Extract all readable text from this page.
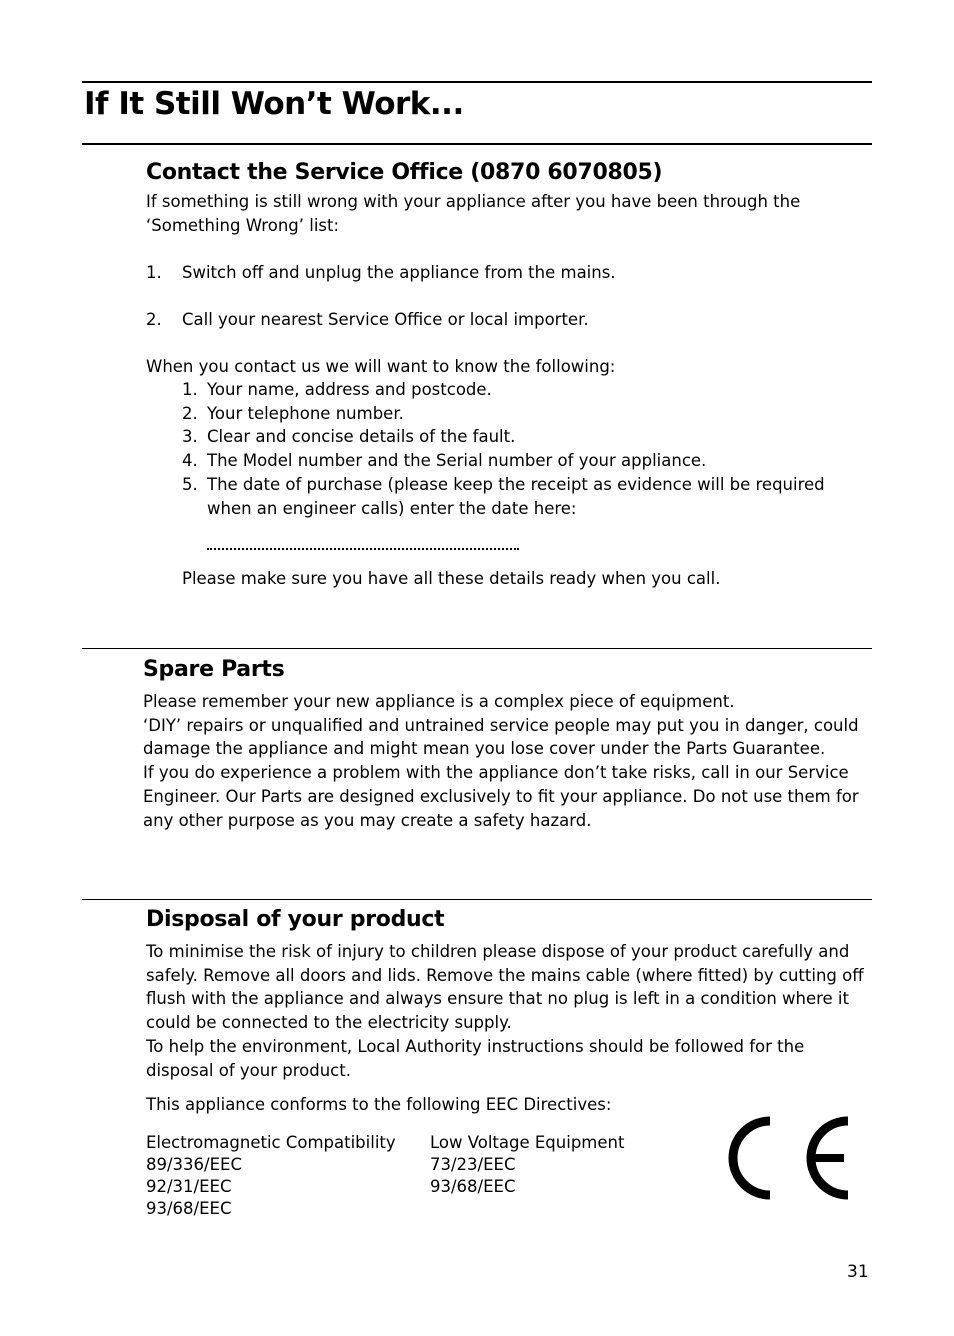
If It Still Won’t Work...
Contact the Service Office (0870 6070805)
If something is still wrong with your appliance after you have been through the
‘Something Wrong’ list:
1. Switch off and unplug the appliance from the mains.
2. Call your nearest Service Office or local importer.
When you contact us we will want to know the following:
1. Your name, address and postcode.
2. Your telephone number.
3. Clear and concise details of the fault.
4. The Model number and the Serial number of your appliance.
5. The date of purchase (please keep the receipt as evidence will be required when an engineer calls) enter the date here:
Please make sure you have all these details ready when you call.
Spare Parts
Please remember your new appliance is a complex piece of equipment.
‘DIY’ repairs or unqualified and untrained service people may put you in danger, could
damage the appliance and might mean you lose cover under the Parts Guarantee.
If you do experience a problem with the appliance don’t take risks, call in our Service
Engineer. Our Parts are designed exclusively to fit your appliance. Do not use them for
any other purpose as you may create a safety hazard.
Disposal of your product
To minimise the risk of injury to children please dispose of your product carefully and
safely. Remove all doors and lids. Remove the mains cable (where fitted) by cutting off
flush with the appliance and always ensure that no plug is left in a condition where it
could be connected to the electricity supply.
To help the environment, Local Authority instructions should be followed for the
disposal of your product.
This appliance conforms to the following EEC Directives:
Electromagnetic Compatibility
89/336/EEC
92/31/EEC
93/68/EEC
Low Voltage Equipment
73/23/EEC
93/68/EEC
31
